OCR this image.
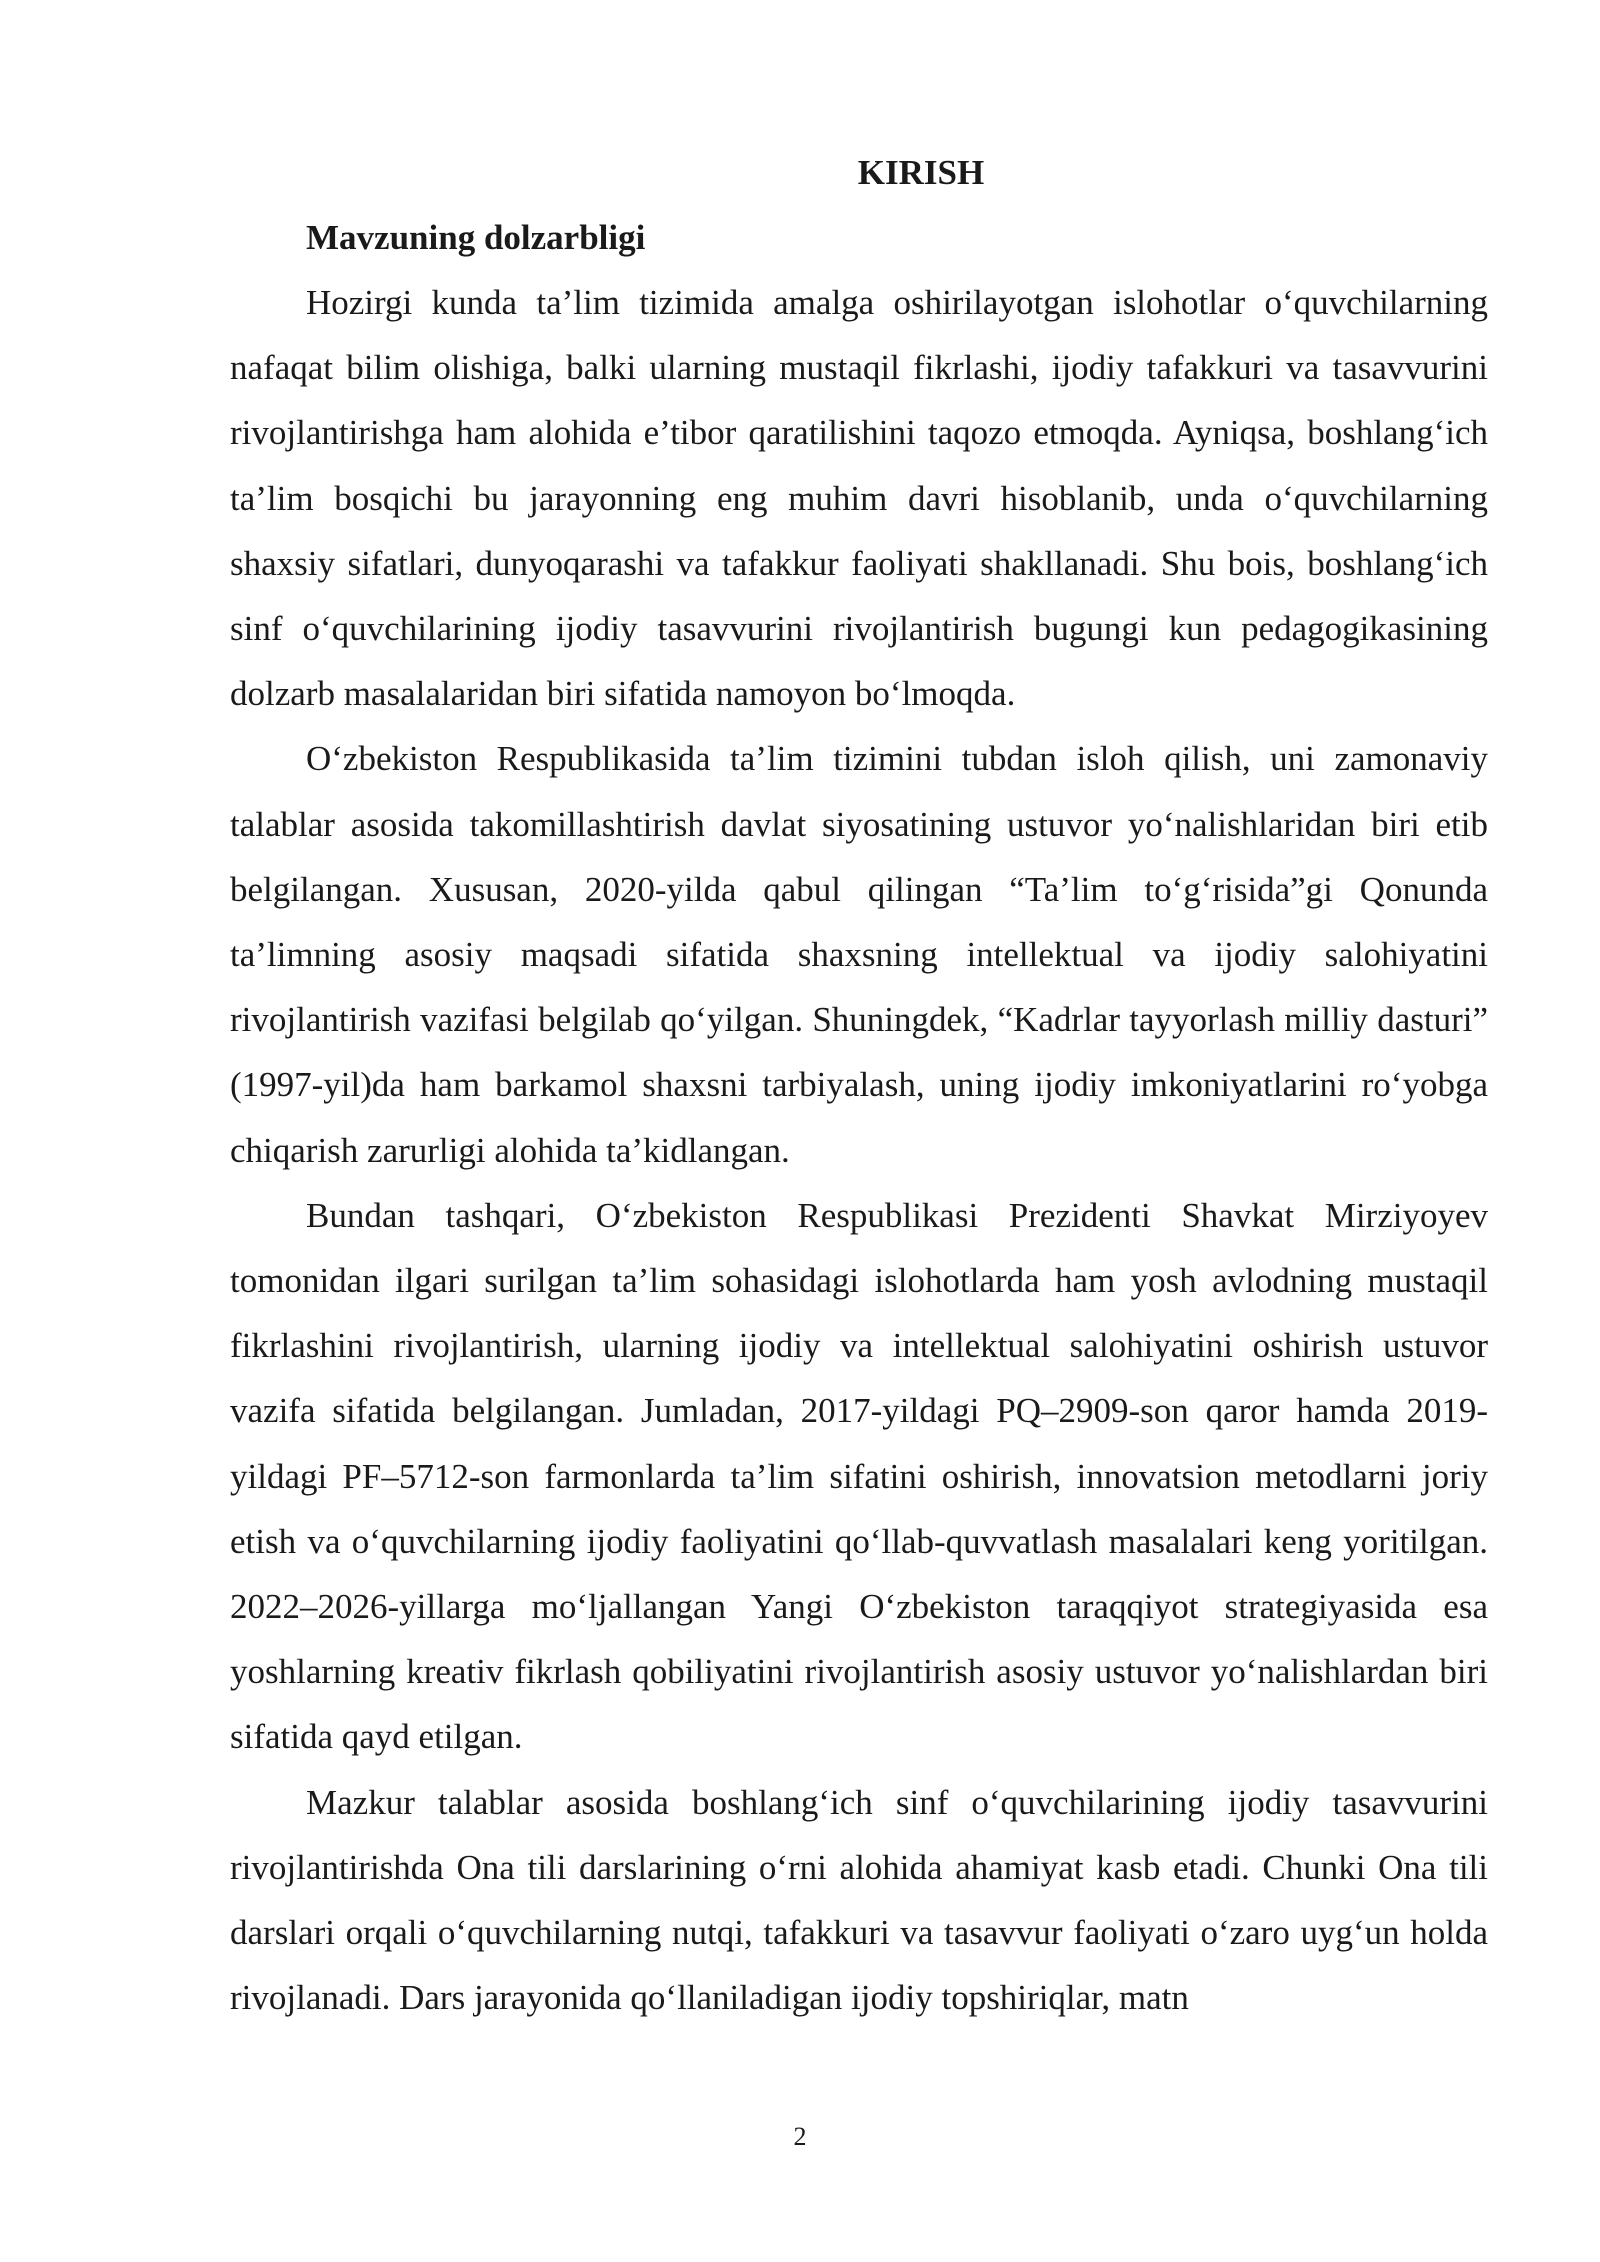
KIRISH
Mavzuning dolzarbligi

Hozirgi kunda ta’lim tizimida amalga oshirilayotgan islohotlar o‘quvchilarning nafaqat bilim olishiga, balki ularning mustaqil fikrlashi, ijodiy tafakkuri va tasavvurini rivojlantirishga ham alohida e’tibor qaratilishini taqozo etmoqda. Ayniqsa, boshlang‘ich ta’lim bosqichi bu jarayonning eng muhim davri hisoblanib, unda o‘quvchilarning shaxsiy sifatlari, dunyoqarashi va tafakkur faoliyati shakllanadi. Shu bois, boshlang‘ich sinf o‘quvchilarining ijodiy tasavvurini rivojlantirish bugungi kun pedagogikasining dolzarb masalalaridan biri sifatida namoyon bo‘lmoqda.

O‘zbekiston Respublikasida ta’lim tizimini tubdan isloh qilish, uni zamonaviy talablar asosida takomillashtirish davlat siyosatining ustuvor yo‘nalishlaridan biri etib belgilangan. Xususan, 2020-yilda qabul qilingan “Ta’lim to‘g‘risida”gi Qonunda ta’limning asosiy maqsadi sifatida shaxsning intellektual va ijodiy salohiyatini rivojlantirish vazifasi belgilab qo‘yilgan. Shuningdek, “Kadrlar tayyorlash milliy dasturi” (1997-yil)da ham barkamol shaxsni tarbiyalash, uning ijodiy imkoniyatlarini ro‘yobga chiqarish zarurligi alohida ta’kidlangan.

Bundan tashqari, O‘zbekiston Respublikasi Prezidenti Shavkat Mirziyoyev tomonidan ilgari surilgan ta’lim sohasidagi islohotlarda ham yosh avlodning mustaqil fikrlashini rivojlantirish, ularning ijodiy va intellektual salohiyatini oshirish ustuvor vazifa sifatida belgilangan. Jumladan, 2017-yildagi PQ–2909-son qaror hamda 2019-yildagi PF–5712-son farmonlarda ta’lim sifatini oshirish, innovatsion metodlarni joriy etish va o‘quvchilarning ijodiy faoliyatini qo‘llab-quvvatlash masalalari keng yoritilgan. 2022–2026-yillarga mo‘ljallangan Yangi O‘zbekiston taraqqiyot strategiyasida esa yoshlarning kreativ fikrlash qobiliyatini rivojlantirish asosiy ustuvor yo‘nalishlardan biri sifatida qayd etilgan.

Mazkur talablar asosida boshlang‘ich sinf o‘quvchilarining ijodiy tasavvurini rivojlantirishda Ona tili darslarining o‘rni alohida ahamiyat kasb etadi. Chunki Ona tili darslari orqali o‘quvchilarning nutqi, tafakkuri va tasavvur faoliyati o‘zaro uyg‘un holda rivojlanadi. Dars jarayonida qo‘llaniladigan ijodiy topshiriqlar, matn

2
